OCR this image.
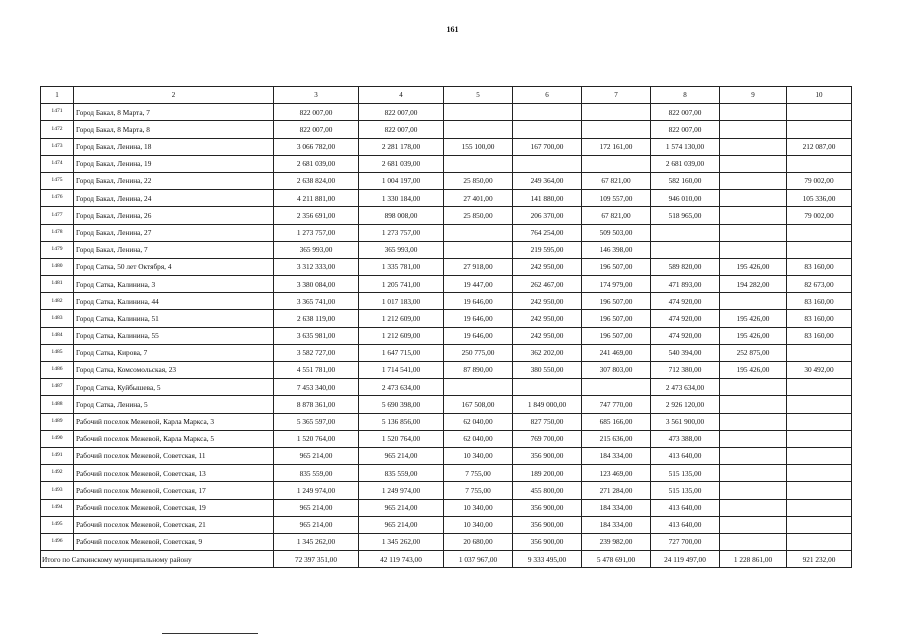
161
1	2	3	4	5	6	7	8	9	10
1471	Город Бакал, 8 Марта, 7	822 007,00	822 007,00				822 007,00		
1472	Город Бакал, 8 Марта, 8	822 007,00	822 007,00				822 007,00		
1473	Город Бакал, Ленина, 18	3 066 782,00	2 281 178,00	155 100,00	167 700,00	172 161,00	1 574 130,00		212 087,00
1474	Город Бакал, Ленина, 19	2 681 039,00	2 681 039,00				2 681 039,00		
1475	Город Бакал, Ленина, 22	2 638 824,00	1 004 197,00	25 850,00	249 364,00	67 821,00	582 160,00		79 002,00
1476	Город Бакал, Ленина, 24	4 211 881,00	1 330 184,00	27 401,00	141 880,00	109 557,00	946 010,00		105 336,00
1477	Город Бакал, Ленина, 26	2 356 691,00	898 008,00	25 850,00	206 370,00	67 821,00	518 965,00		79 002,00
1478	Город Бакал, Ленина, 27	1 273 757,00	1 273 757,00		764 254,00	509 503,00			
1479	Город Бакал, Ленина, 7	365 993,00	365 993,00		219 595,00	146 398,00			
1480	Город Сатка, 50 лет Октября, 4	3 312 333,00	1 335 781,00	27 918,00	242 950,00	196 507,00	589 820,00	195 426,00	83 160,00
1481	Город Сатка, Калинина, 3	3 380 084,00	1 205 741,00	19 447,00	262 467,00	174 979,00	471 893,00	194 282,00	82 673,00
1482	Город Сатка, Калинина, 44	3 365 741,00	1 017 183,00	19 646,00	242 950,00	196 507,00	474 920,00		83 160,00
1483	Город Сатка, Калинина, 51	2 638 119,00	1 212 609,00	19 646,00	242 950,00	196 507,00	474 920,00	195 426,00	83 160,00
1484	Город Сатка, Калинина, 55	3 635 981,00	1 212 609,00	19 646,00	242 950,00	196 507,00	474 920,00	195 426,00	83 160,00
1485	Город Сатка, Кирова, 7	3 582 727,00	1 647 715,00	250 775,00	362 202,00	241 469,00	540 394,00	252 875,00	
1486	Город Сатка, Комсомольская, 23	4 551 781,00	1 714 541,00	87 890,00	380 550,00	307 803,00	712 380,00	195 426,00	30 492,00
1487	Город Сатка, Куйбышева, 5	7 453 340,00	2 473 634,00				2 473 634,00		
1488	Город Сатка, Ленина, 5	8 878 361,00	5 690 398,00	167 508,00	1 849 000,00	747 770,00	2 926 120,00		
1489	Рабочий поселок Межевой, Карла Маркса, 3	5 365 597,00	5 136 856,00	62 040,00	827 750,00	685 166,00	3 561 900,00		
1490	Рабочий поселок Межевой, Карла Маркса, 5	1 520 764,00	1 520 764,00	62 040,00	769 700,00	215 636,00	473 388,00		
1491	Рабочий поселок Межевой, Советская, 11	965 214,00	965 214,00	10 340,00	356 900,00	184 334,00	413 640,00		
1492	Рабочий поселок Межевой, Советская, 13	835 559,00	835 559,00	7 755,00	189 200,00	123 469,00	515 135,00		
1493	Рабочий поселок Межевой, Советская, 17	1 249 974,00	1 249 974,00	7 755,00	455 800,00	271 284,00	515 135,00		
1494	Рабочий поселок Межевой, Советская, 19	965 214,00	965 214,00	10 340,00	356 900,00	184 334,00	413 640,00		
1495	Рабочий поселок Межевой, Советская, 21	965 214,00	965 214,00	10 340,00	356 900,00	184 334,00	413 640,00		
1496	Рабочий поселок Межевой, Советская, 9	1 345 262,00	1 345 262,00	20 680,00	356 900,00	239 982,00	727 700,00		
Итого по Саткинскому муниципальному району		72 397 351,00	42 119 743,00	1 037 967,00	9 333 495,00	5 478 691,00	24 119 497,00	1 228 861,00	921 232,00
